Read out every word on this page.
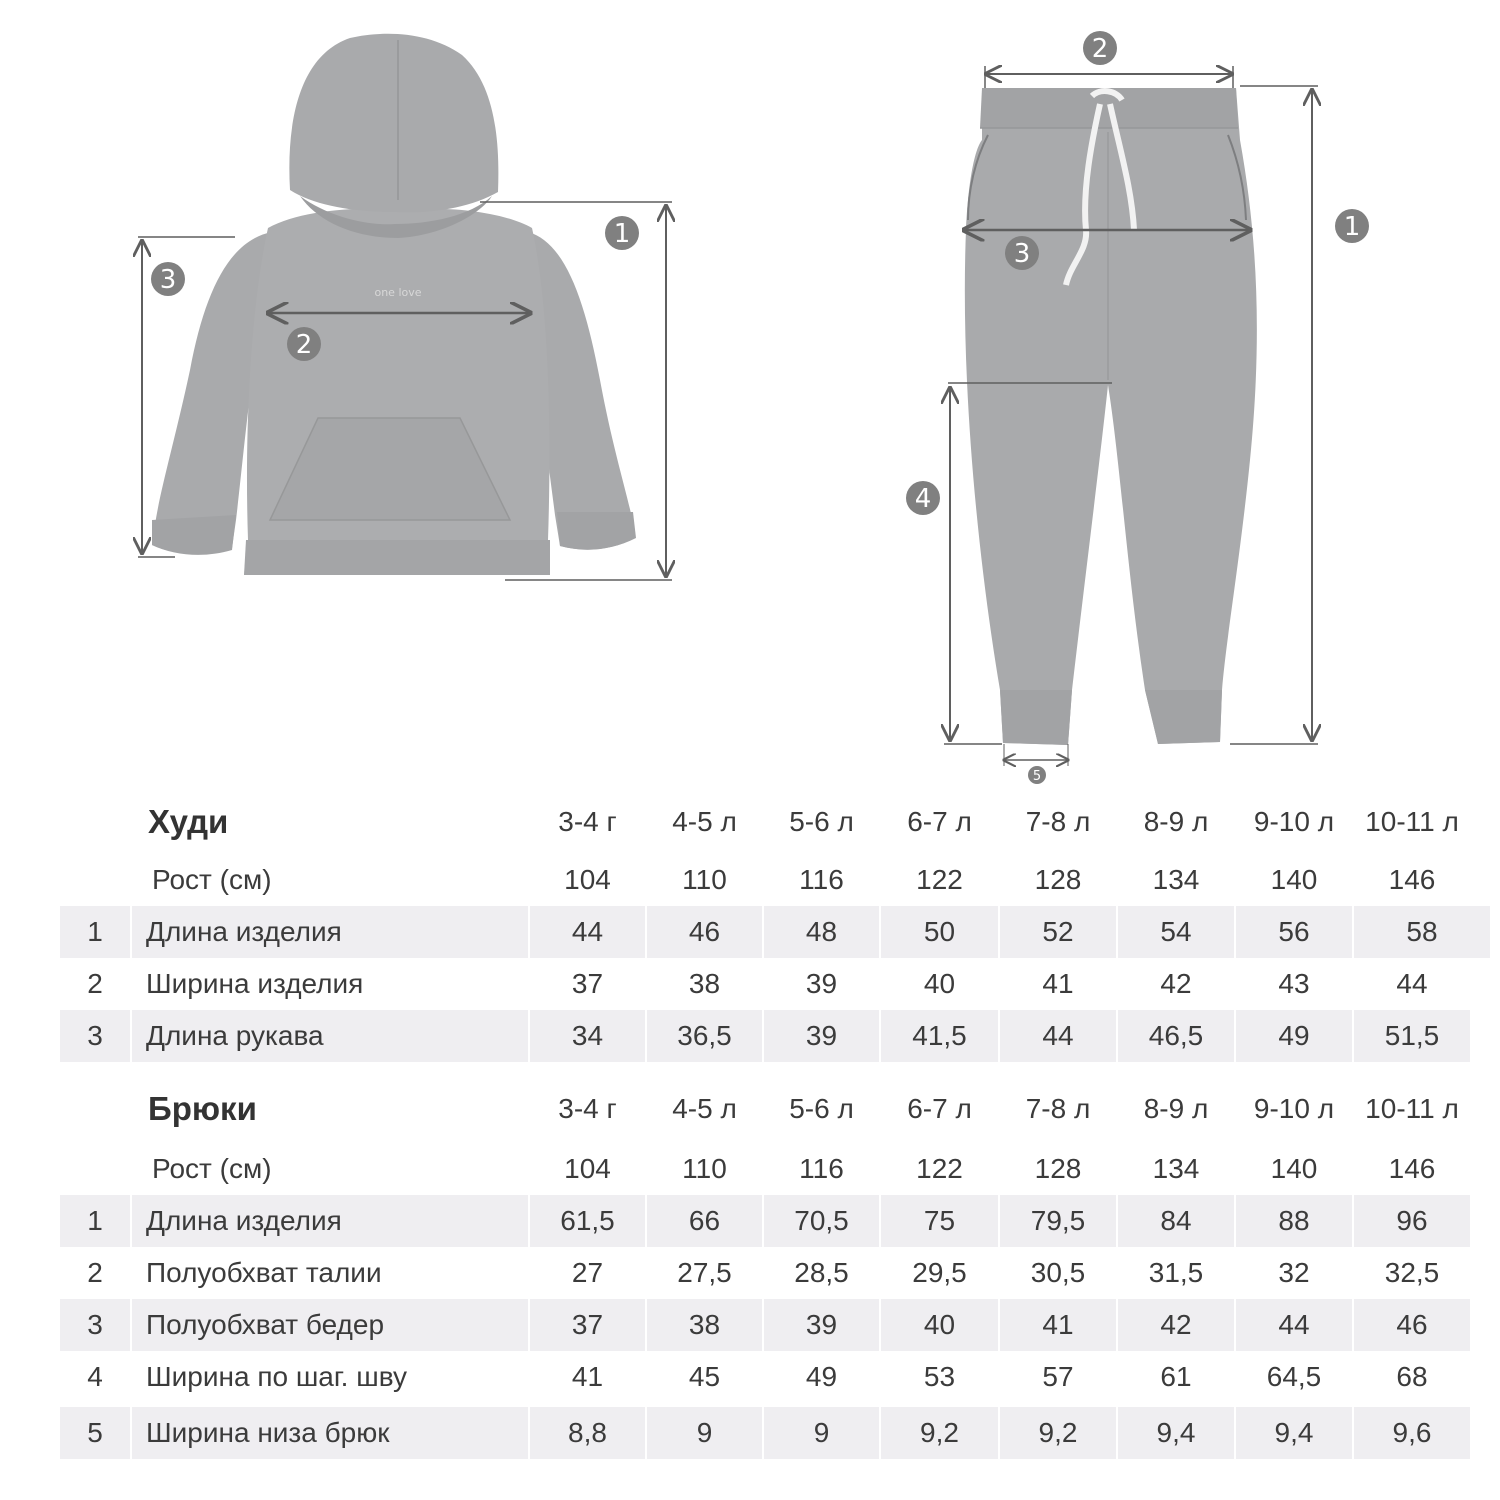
one love
1
2
3
1
2
3
4
5
Худи	3-4 г	4-5 л	5-6 л	6-7 л	7-8 л	8-9 л	9-10 л	10-11 л
Рост (см)	104	110	116	122	128	134	140	146
1	Длина изделия	44	46	48	50	52	54	56	58
2	Ширина изделия	37	38	39	40	41	42	43	44
3	Длина рукава	34	36,5	39	41,5	44	46,5	49	51,5
Брюки	3-4 г	4-5 л	5-6 л	6-7 л	7-8 л	8-9 л	9-10 л	10-11 л
Рост (см)	104	110	116	122	128	134	140	146
1	Длина изделия	61,5	66	70,5	75	79,5	84	88	96
2	Полуобхват талии	27	27,5	28,5	29,5	30,5	31,5	32	32,5
3	Полуобхват бедер	37	38	39	40	41	42	44	46
4	Ширина по шаг. шву	41	45	49	53	57	61	64,5	68
5	Ширина низа брюк	8,8	9	9	9,2	9,2	9,4	9,4	9,6
